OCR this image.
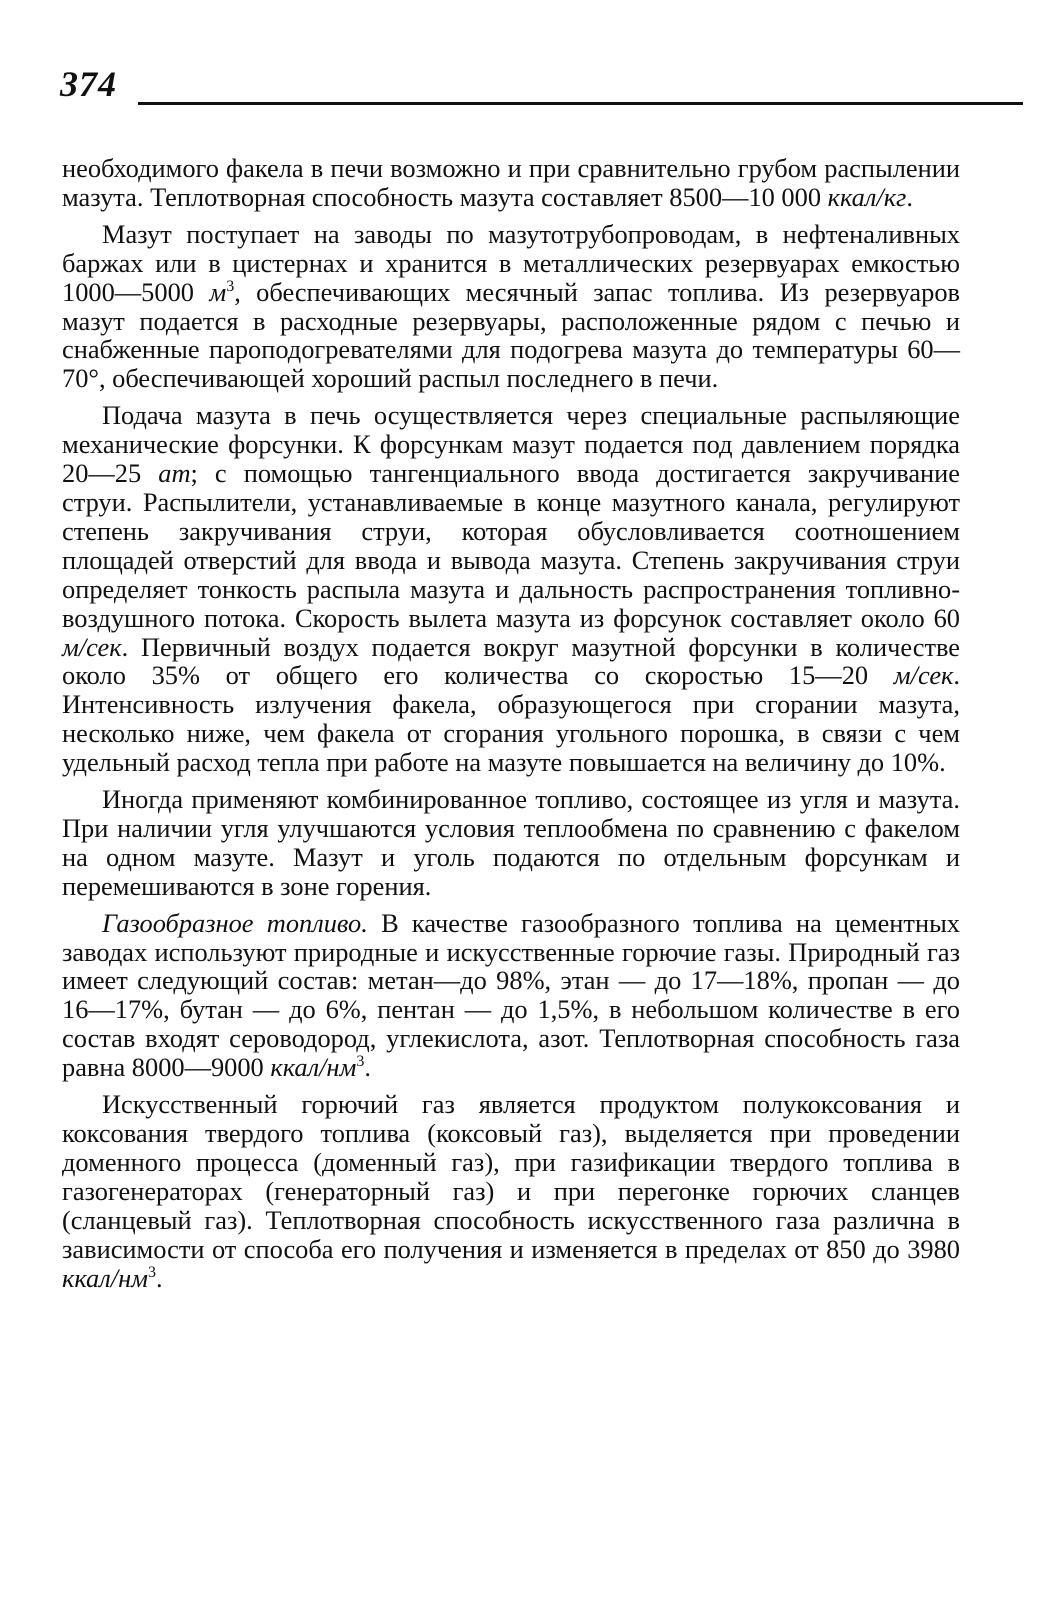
374

необходимого факела в печи возможно и при сравнительно грубом распылении мазута. Теплотворная способность мазута составляет 8500—10 000 ккал/кг.

Мазут поступает на заводы по мазутотрубопроводам, в нефтеналивных баржах или в цистернах и хранится в металлических резервуарах емкостью 1000—5000 $м^3$, обеспечивающих месячный запас топлива. Из резервуаров мазут подается в расходные резервуары, расположенные рядом с печью и снабженные пароподогревателями для подогрева мазута до температуры 60—70°, обеспечивающей хороший распыл последнего в печи.

Подача мазута в печь осуществляется через специальные распыляющие механические форсунки. К форсункам мазут подается под давлением порядка 20—25 ат; с помощью тангенциального ввода достигается закручивание струи. Распылители, устанавливаемые в конце мазутного канала, регулируют степень закручивания струи, которая обусловливается соотношением площадей отверстий для ввода и вывода мазута. Степень закручивания струи определяет тонкость распыла мазута и дальность распространения топливно-воздушного потока. Скорость вылета мазута из форсунок составляет около 60 м/сек. Первичный воздух подается вокруг мазутной форсунки в количестве около 35% от общего его количества со скоростью 15—20 м/сек. Интенсивность излучения факела, образующегося при сгорании мазута, несколько ниже, чем факела от сгорания угольного порошка, в связи с чем удельный расход тепла при работе на мазуте повышается на величину до 10%.

Иногда применяют комбинированное топливо, состоящее из угля и мазута. При наличии угля улучшаются условия теплообмена по сравнению с факелом на одном мазуте. Мазут и уголь подаются по отдельным форсункам и перемешиваются в зоне горения.

Газообразное топливо. В качестве газообразного топлива на цементных заводах используют природные и искусственные горючие газы. Природный газ имеет следующий состав: метан—до 98%, этан — до 17—18%, пропан — до 16—17%, бутан — до 6%, пентан — до 1,5%, в небольшом количестве в его состав входят сероводород, углекислота, азот. Теплотворная способность газа равна 8000—9000 ккал/$нм^3$.

Искусственный горючий газ является продуктом полукоксования и коксования твердого топлива (коксовый газ), выделяется при проведении доменного процесса (доменный газ), при газификации твердого топлива в газогенераторах (генераторный газ) и при перегонке горючих сланцев (сланцевый газ). Теплотворная способность искусственного газа различна в зависимости от способа его получения и изменяется в пределах от 850 до 3980 ккал/$нм^3$.
